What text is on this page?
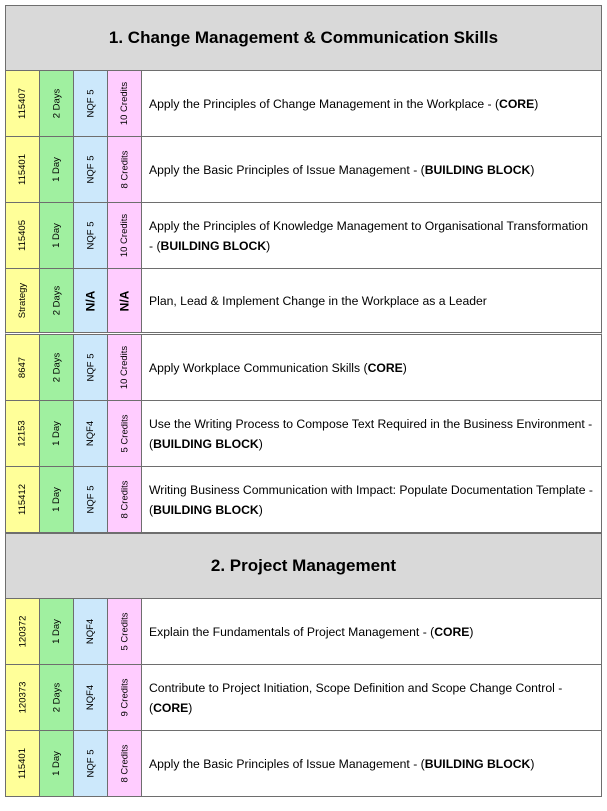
1. Change Management & Communication Skills
115407 2 Days NQF 5 10 Credits Apply the Principles of Change Management in the Workplace - (CORE)
115401 1 Day NQF 5 8 Credits Apply the Basic Principles of Issue Management - (BUILDING BLOCK)
115405 1 Day NQF 5 10 Credits Apply the Principles of Knowledge Management to Organisational Transformation - (BUILDING BLOCK)
Strategy 2 Days N/A N/A Plan, Lead & Implement Change in the Workplace as a Leader
8647 2 Days NQF 5 10 Credits Apply Workplace Communication Skills (CORE)
12153 1 Day NQF4 5 Credits Use the Writing Process to Compose Text Required in the Business Environment - (BUILDING BLOCK)
115412 1 Day NQF 5 8 Credits Writing Business Communication with Impact: Populate Documentation Template - (BUILDING BLOCK)
2. Project Management
120372 1 Day NQF4 5 Credits Explain the Fundamentals of Project Management - (CORE)
120373 2 Days NQF4 9 Credits Contribute to Project Initiation, Scope Definition and Scope Change Control - (CORE)
115401 1 Day NQF 5 8 Credits Apply the Basic Principles of Issue Management - (BUILDING BLOCK)
